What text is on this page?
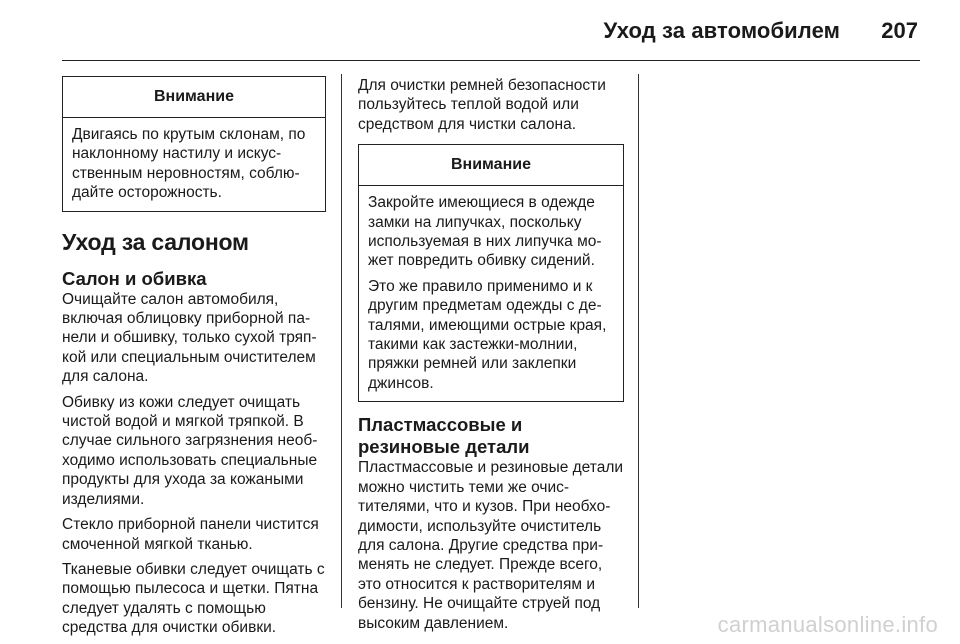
Уход за автомобилем 207
Внимание

Двигаясь по крутым склонам, по наклонному настилу и искусственным неровностям, соблюдайте осторожность.

Уход за салоном
Салон и обивка

Очищайте салон автомобиля, включая облицовку приборной панели и обшивку, только сухой тряпкой или специальным очистителем для салона.

Обивку из кожи следует очищать чистой водой и мягкой тряпкой. В случае сильного загрязнения необходимо использовать специальные продукты для ухода за кожаными изделиями.

Стекло приборной панели чистится смоченной мягкой тканью.

Тканевые обивки следует очищать с помощью пылесоса и щетки. Пятна следует удалять с помощью средства для очистки обивки.

Для очистки ремней безопасности пользуйтесь теплой водой или средством для чистки салона.

Внимание

Закройте имеющиеся в одежде замки на липучках, поскольку используемая в них липучка может повредить обивку сидений.

Это же правило применимо и к другим предметам одежды с деталями, имеющими острые края, такими как застежки-молнии, пряжки ремней или заклепки джинсов.

Пластмассовые и резиновые детали

Пластмассовые и резиновые детали можно чистить теми же очистителями, что и кузов. При необходимости, используйте очиститель для салона. Другие средства применять не следует. Прежде всего, это относится к растворителям и бензину. Не очищайте струей под высоким давлением.	carmanualsonline.info
